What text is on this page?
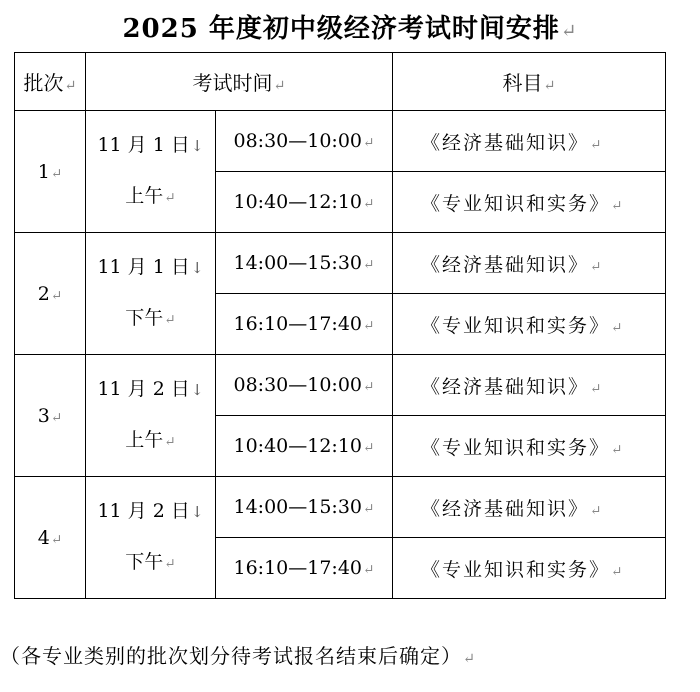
2025 年度初中级经济考试时间安排↵
批次↵	考试时间↵		科目↵
1↵	11 月 1 日↓
上午↵	08:30—10:00↵	《经济基础知识》↵
		10:40—12:10↵	《专业知识和实务》↵
2↵	11 月 1 日↓
下午↵	14:00—15:30↵	《经济基础知识》↵
		16:10—17:40↵	《专业知识和实务》↵
3↵	11 月 2 日↓
上午↵	08:30—10:00↵	《经济基础知识》↵
		10:40—12:10↵	《专业知识和实务》↵
4↵	11 月 2 日↓
下午↵	14:00—15:30↵	《经济基础知识》↵
		16:10—17:40↵	《专业知识和实务》↵
（各专业类别的批次划分待考试报名结束后确定）↵
